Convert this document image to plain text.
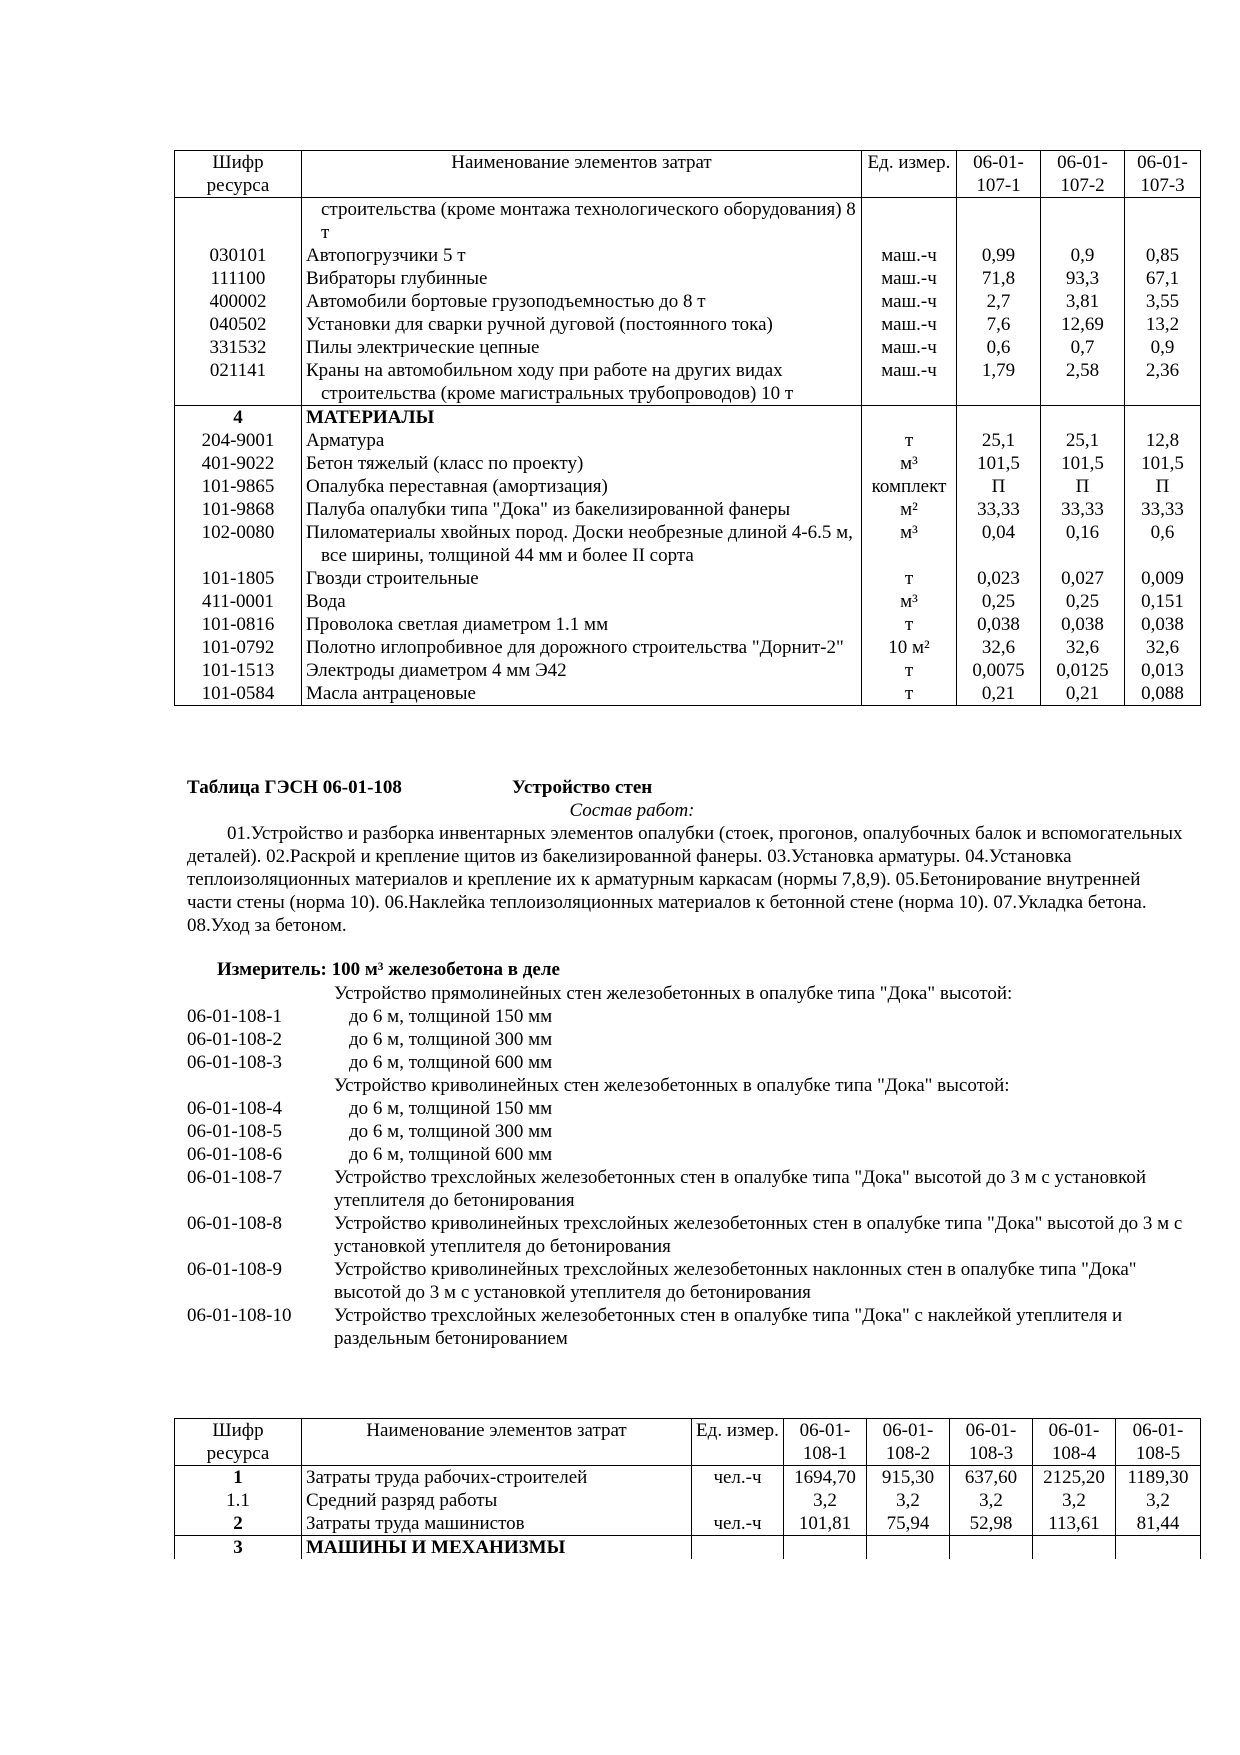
Шифр ресурса	Наименование элементов затрат	Ед. измер.	06-01-107-1	06-01-107-2	06-01-107-3

	строительства (кроме монтажа технологического оборудования) 8 т				

030101	Автопогрузчики 5 т	маш.-ч	0,99	0,9	0,85
111100	Вибраторы глубинные	маш.-ч	71,8	93,3	67,1
400002	Автомобили бортовые грузоподъемностью до 8 т	маш.-ч	2,7	3,81	3,55
040502	Установки для сварки ручной дуговой (постоянного тока)	маш.-ч	7,6	12,69	13,2
331532	Пилы электрические цепные	маш.-ч	0,6	0,7	0,9
021141	Краны на автомобильном ходу при работе на других видах строительства (кроме магистральных трубопроводов) 10 т	маш.-ч	1,79	2,58	2,36
4	МАТЕРИАЛЫ				
204-9001	Арматура	т	25,1	25,1	12,8
401-9022	Бетон тяжелый (класс по проекту)	м³	101,5	101,5	101,5
101-9865	Опалубка переставная (амортизация)	комплект	П	П	П
101-9868	Палуба опалубки типа "Дока" из бакелизированной фанеры	м²	33,33	33,33	33,33
102-0080	Пиломатериалы хвойных пород. Доски необрезные длиной 4-6.5 м, все ширины, толщиной 44 мм и более II сорта	м³	0,04	0,16	0,6
101-1805	Гвозди строительные	т	0,023	0,027	0,009
411-0001	Вода	м³	0,25	0,25	0,151
101-0816	Проволока светлая диаметром 1.1 мм	т	0,038	0,038	0,038
101-0792	Полотно иглопробивное для дорожного строительства "Дорнит-2"	10 м²	32,6	32,6	32,6
101-1513	Электроды диаметром 4 мм Э42	т	0,0075	0,0125	0,013
101-0584	Масла антраценовые	т	0,21	0,21	0,088
Таблица ГЭСН 06-01-108	Устройство стен
Состав работ:

01.Устройство и разборка инвентарных элементов опалубки (стоек, прогонов, опалубочных балок и вспомогательных деталей). 02.Раскрой и крепление щитов из бакелизированной фанеры. 03.Установка арматуры. 04.Установка теплоизоляционных материалов и крепление их к арматурным каркасам (нормы 7,8,9). 05.Бетонирование внутренней части стены (норма 10). 06.Наклейка теплоизоляционных материалов к бетонной стене (норма 10). 07.Укладка бетона. 08.Уход за бетоном.

Измеритель: 100 м³ железобетона в деле
Устройство прямолинейных стен железобетонных в опалубке типа "Дока" высотой:
06-01-108-1	до 6 м, толщиной 150 мм
06-01-108-2	до 6 м, толщиной 300 мм
06-01-108-3	до 6 м, толщиной 600 мм
Устройство криволинейных стен железобетонных в опалубке типа "Дока" высотой:
06-01-108-4	до 6 м, толщиной 150 мм
06-01-108-5	до 6 м, толщиной 300 мм
06-01-108-6	до 6 м, толщиной 600 мм
06-01-108-7	Устройство трехслойных железобетонных стен в опалубке типа "Дока" высотой до 3 м с установкой утеплителя до бетонирования
06-01-108-8	Устройство криволинейных трехслойных железобетонных стен в опалубке типа "Дока" высотой до 3 м с установкой утеплителя до бетонирования
06-01-108-9	Устройство криволинейных трехслойных железобетонных наклонных стен в опалубке типа "Дока" высотой до 3 м с установкой утеплителя до бетонирования
06-01-108-10	Устройство трехслойных железобетонных стен в опалубке типа "Дока" с наклейкой утеплителя и раздельным бетонированием
Шифр ресурса	Наименование элементов затрат	Ед. измер.	06-01-108-1	06-01-108-2	06-01-108-3	06-01-108-4	06-01-108-5
1	Затраты труда рабочих-строителей	чел.-ч	1694,70	915,30	637,60	2125,20	1189,30
1.1	Средний разряд работы		3,2	3,2	3,2	3,2	3,2
2	Затраты труда машинистов	чел.-ч	101,81	75,94	52,98	113,61	81,44
3	МАШИНЫ И МЕХАНИЗМЫ						
